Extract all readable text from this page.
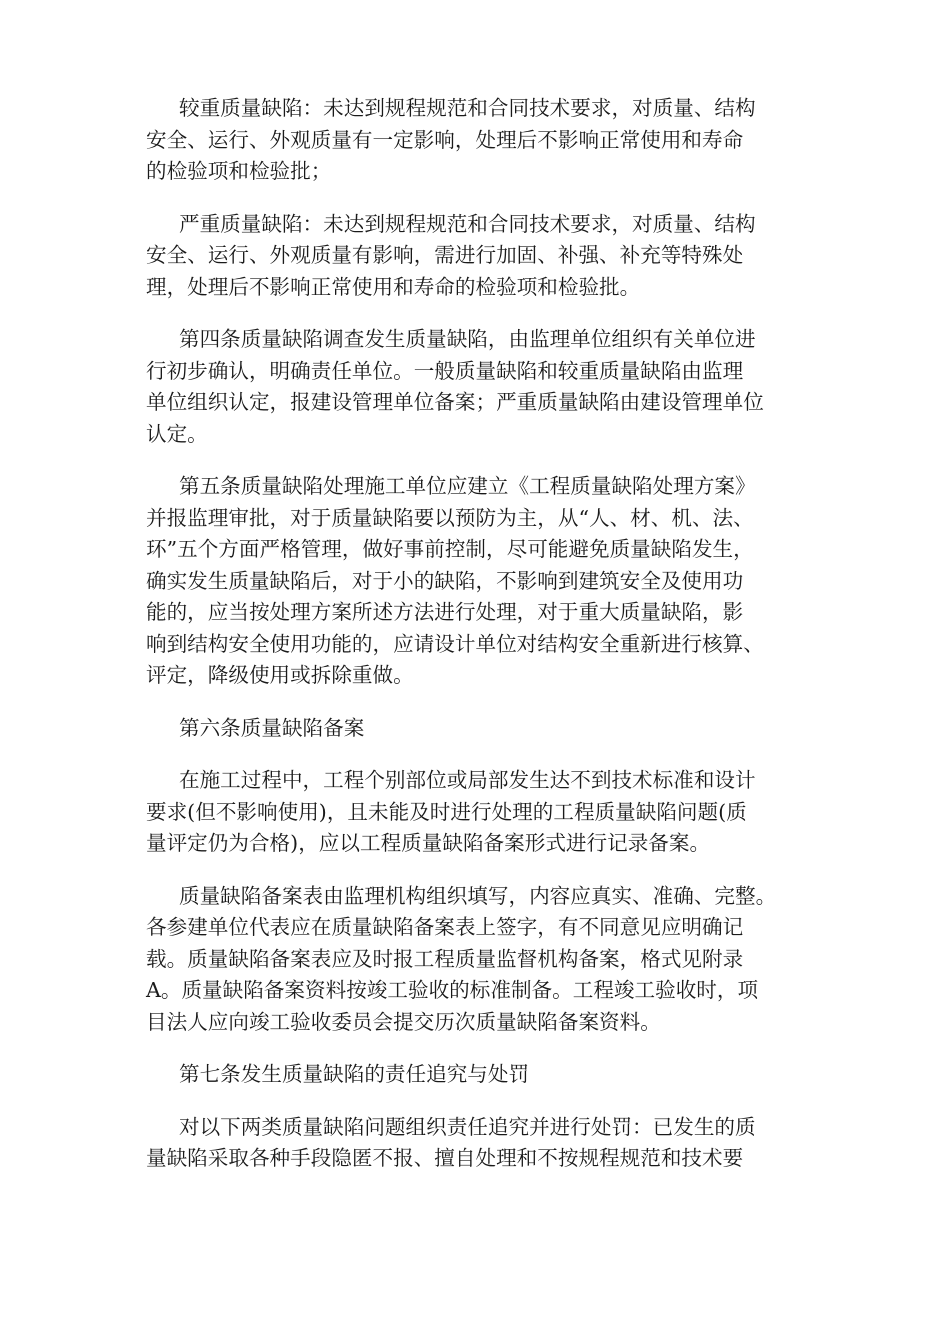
较重质量缺陷：未达到规程规范和合同技术要求，对质量、结构
安全、运行、外观质量有一定影响，处理后不影响正常使用和寿命
的检验项和检验批；
严重质量缺陷：未达到规程规范和合同技术要求，对质量、结构
安全、运行、外观质量有影响，需进行加固、补强、补充等特殊处
理，处理后不影响正常使用和寿命的检验项和检验批。
第四条质量缺陷调查发生质量缺陷，由监理单位组织有关单位进
行初步确认，明确责任单位。一般质量缺陷和较重质量缺陷由监理
单位组织认定，报建设管理单位备案；严重质量缺陷由建设管理单位
认定。
第五条质量缺陷处理施工单位应建立《工程质量缺陷处理方案》
并报监理审批，对于质量缺陷要以预防为主，从“人、材、机、法、
环”五个方面严格管理，做好事前控制，尽可能避免质量缺陷发生，
确实发生质量缺陷后，对于小的缺陷，不影响到建筑安全及使用功
能的，应当按处理方案所述方法进行处理，对于重大质量缺陷，影
响到结构安全使用功能的，应请设计单位对结构安全重新进行核算、
评定，降级使用或拆除重做。
第六条质量缺陷备案
在施工过程中，工程个别部位或局部发生达不到技术标准和设计
要求(但不影响使用)，且未能及时进行处理的工程质量缺陷问题(质
量评定仍为合格)，应以工程质量缺陷备案形式进行记录备案。
质量缺陷备案表由监理机构组织填写，内容应真实、准确、完整。
各参建单位代表应在质量缺陷备案表上签字，有不同意见应明确记
载。质量缺陷备案表应及时报工程质量监督机构备案，格式见附录
A。质量缺陷备案资料按竣工验收的标准制备。工程竣工验收时，项
目法人应向竣工验收委员会提交历次质量缺陷备案资料。
第七条发生质量缺陷的责任追究与处罚
对以下两类质量缺陷问题组织责任追究并进行处罚：已发生的质
量缺陷采取各种手段隐匿不报、擅自处理和不按规程规范和技术要
